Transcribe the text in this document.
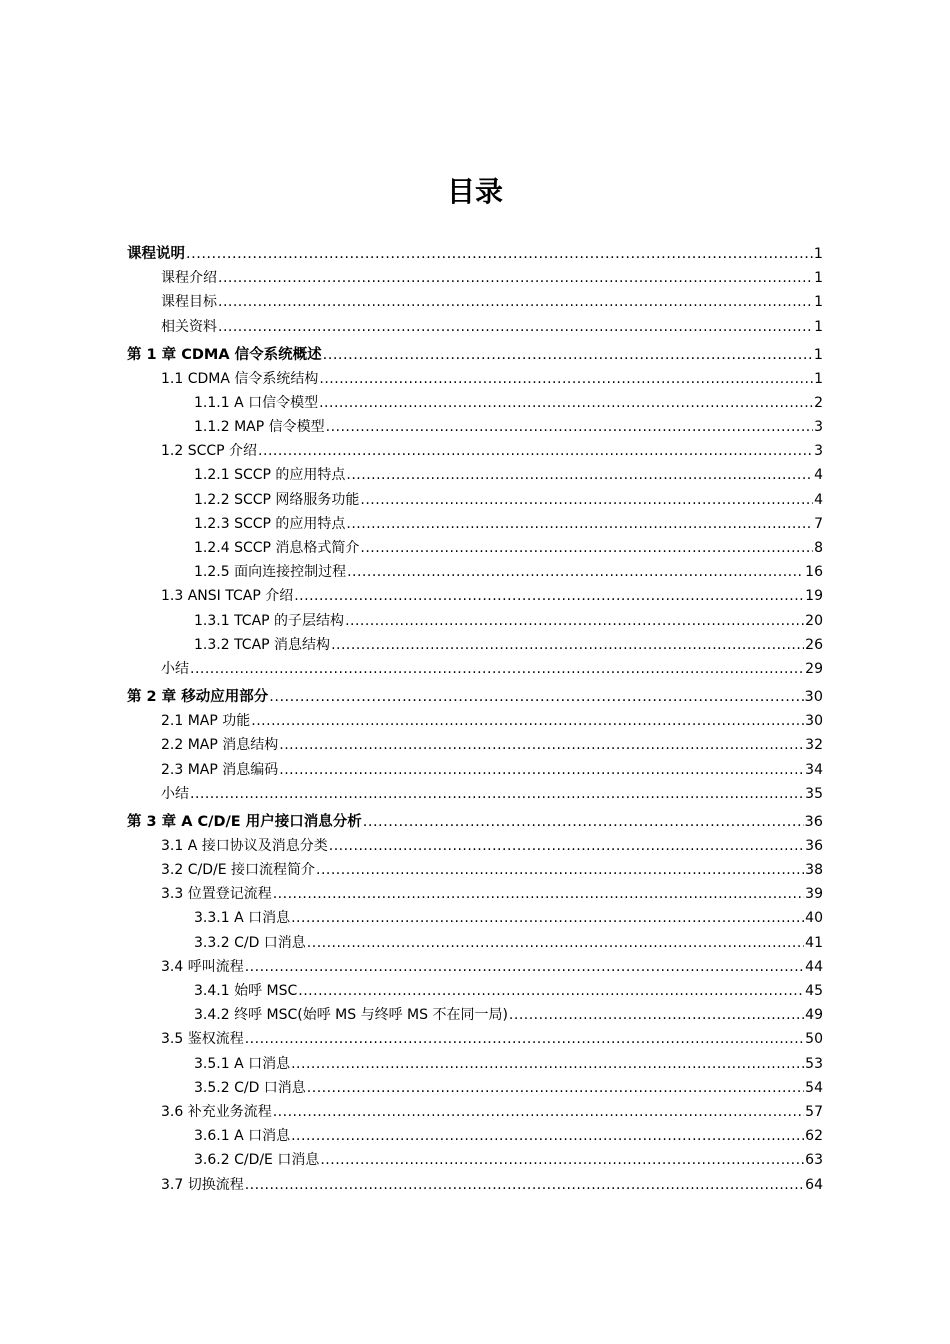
目录
课程说明 .....	1
课程介绍 .....	1
课程目标 .....	1
相关资料 .....	1
第 1 章 CDMA 信令系统概述 .....	1
1.1 CDMA 信令系统结构 .....	1
1.1.1 A 口信令模型 .....	2
1.1.2 MAP 信令模型 .....	3
1.2 SCCP 介绍 .....	3
1.2.1 SCCP 的应用特点 .....	4
1.2.2 SCCP 网络服务功能 .....	4
1.2.3 SCCP 的应用特点 .....	7
1.2.4 SCCP 消息格式简介 .....	8
1.2.5 面向连接控制过程 .....	16
1.3 ANSI TCAP 介绍 .....	19
1.3.1 TCAP 的子层结构 .....	20
1.3.2 TCAP 消息结构 .....	26
小结 .....	29
第 2 章 移动应用部分 .....	30
2.1 MAP 功能 .....	30
2.2 MAP 消息结构 .....	32
2.3 MAP 消息编码 .....	34
小结 .....	35
第 3 章 A C/D/E 用户接口消息分析 .....	36
3.1 A 接口协议及消息分类 .....	36
3.2 C/D/E 接口流程简介 .....	38
3.3 位置登记流程 .....	39
3.3.1 A 口消息 .....	40
3.3.2 C/D 口消息 .....	41
3.4 呼叫流程 .....	44
3.4.1 始呼 MSC .....	45
3.4.2 终呼 MSC(始呼 MS 与终呼 MS 不在同一局) .....	49
3.5 鉴权流程 .....	50
3.5.1 A 口消息 .....	53
3.5.2 C/D 口消息 .....	54
3.6 补充业务流程 .....	57
3.6.1 A 口消息 .....	62
3.6.2 C/D/E 口消息 .....	63
3.7 切换流程 .....	64
